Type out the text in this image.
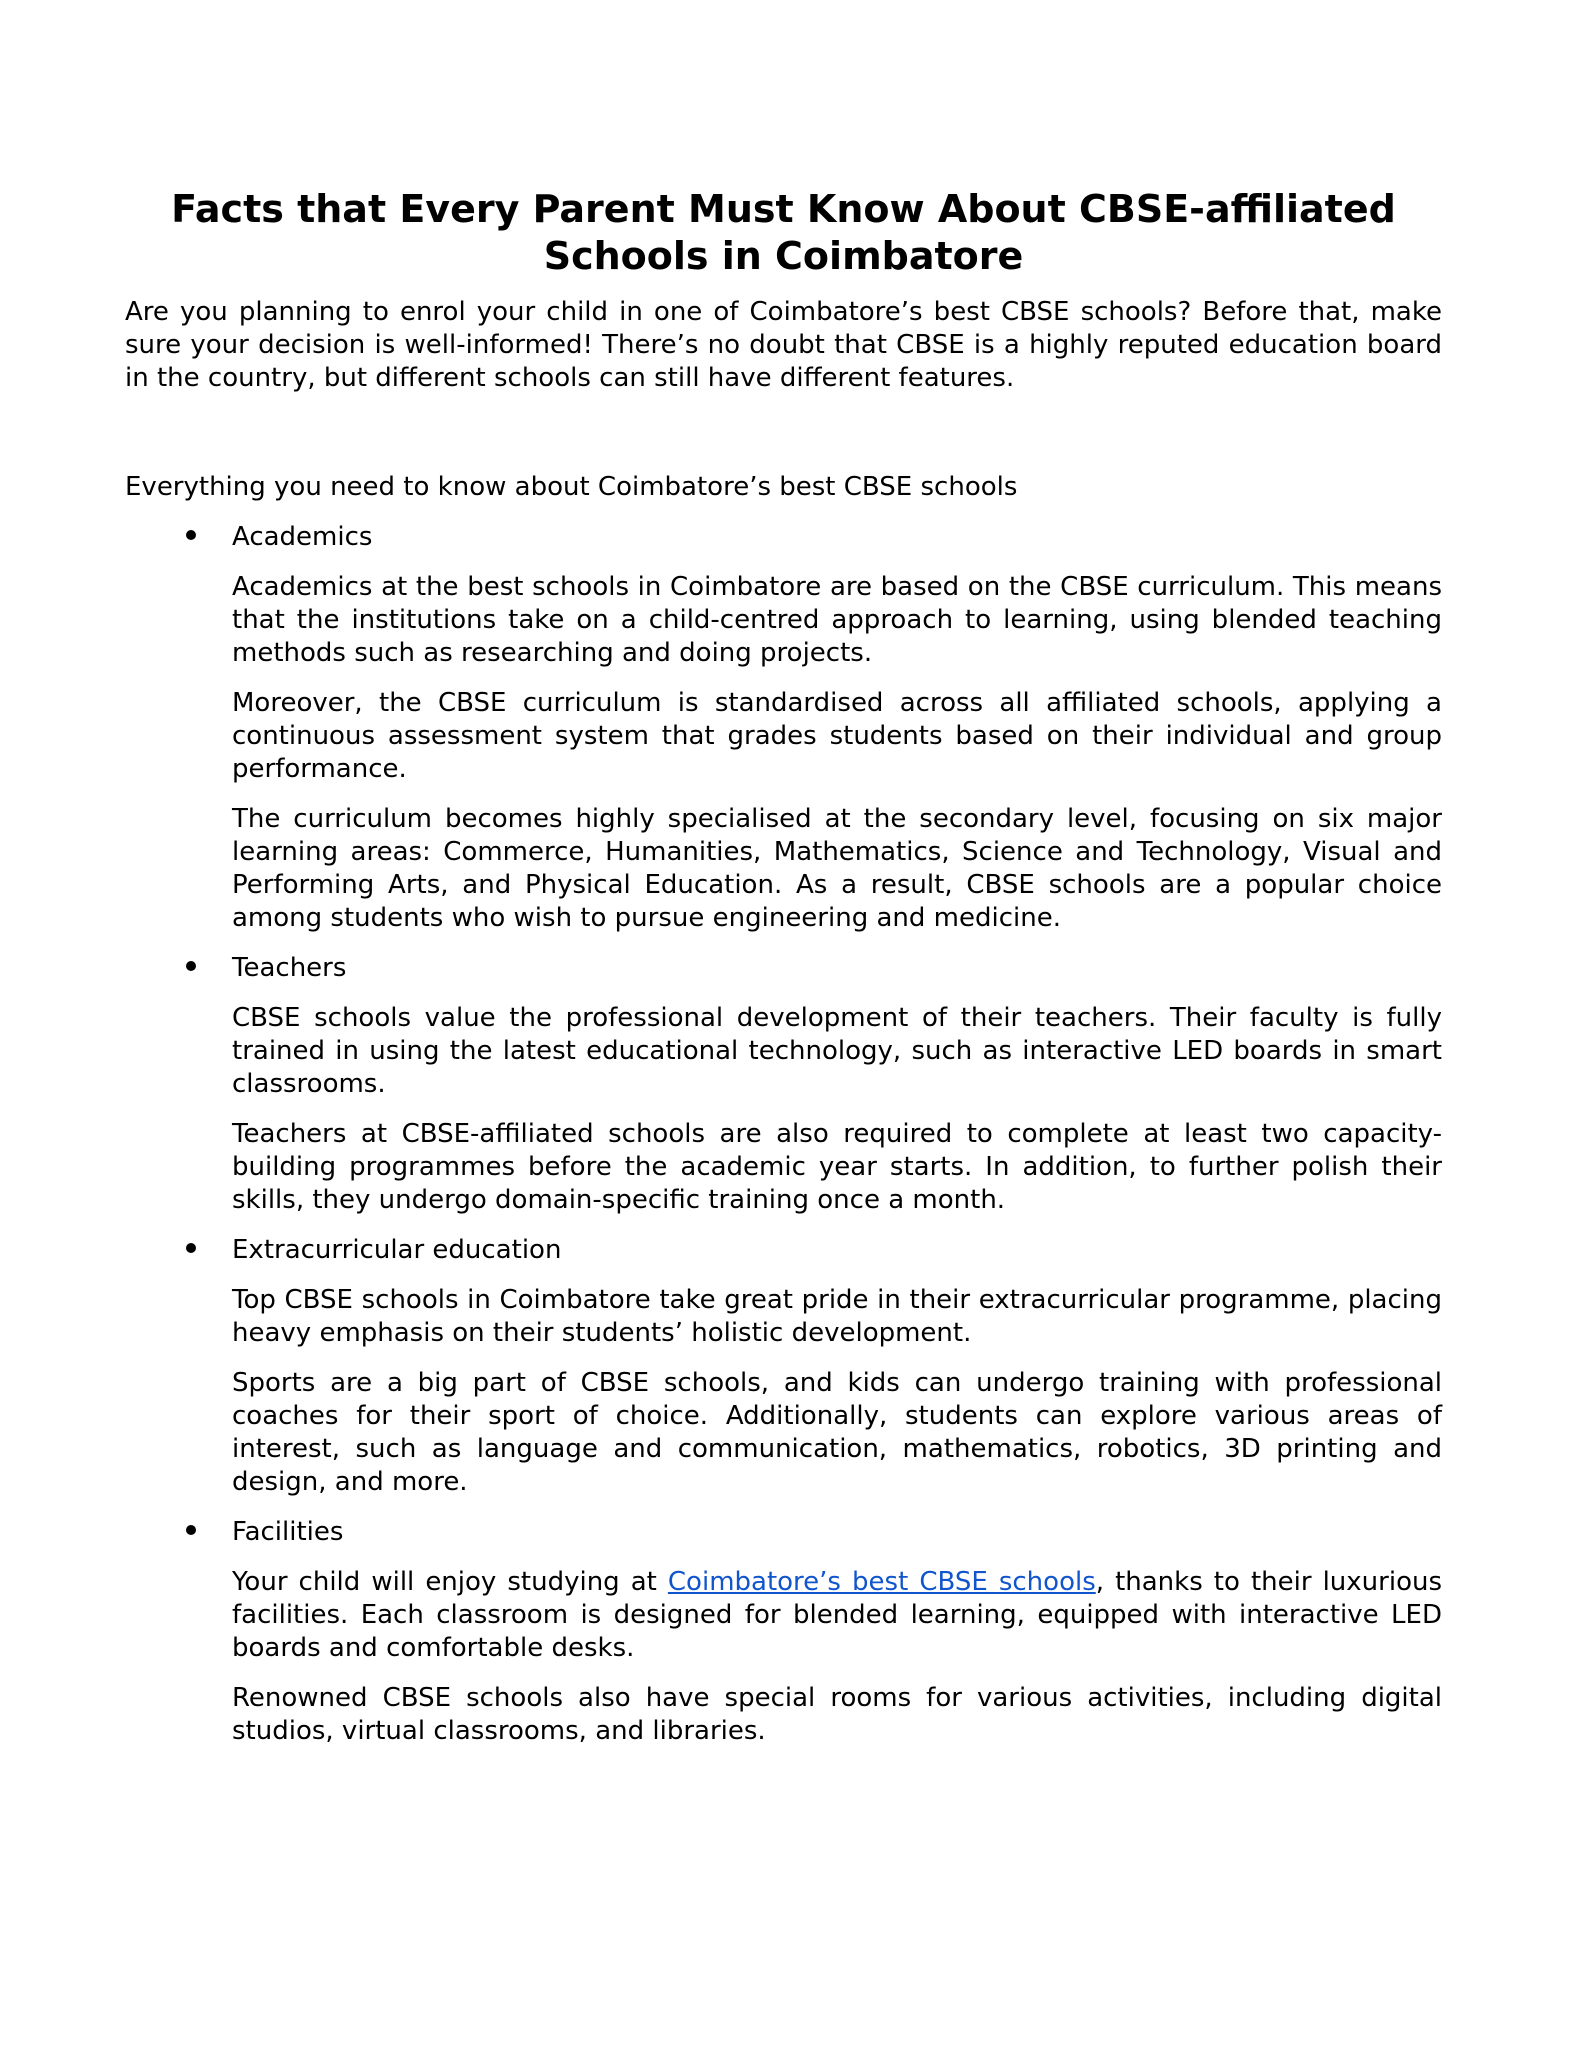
Facts that Every Parent Must Know About CBSE-affiliated Schools in Coimbatore

Are you planning to enrol your child in one of Coimbatore’s best CBSE schools? Before that, make sure your decision is well-informed! There’s no doubt that CBSE is a highly reputed education board in the country, but different schools can still have different features.

Everything you need to know about Coimbatore’s best CBSE schools

Academics

Academics at the best schools in Coimbatore are based on the CBSE curriculum. This means that the institutions take on a child-centred approach to learning, using blended teaching methods such as researching and doing projects.

Moreover, the CBSE curriculum is standardised across all affiliated schools, applying a continuous assessment system that grades students based on their individual and group performance.

The curriculum becomes highly specialised at the secondary level, focusing on six major learning areas: Commerce, Humanities, Mathematics, Science and Technology, Visual and Performing Arts, and Physical Education. As a result, CBSE schools are a popular choice among students who wish to pursue engineering and medicine.

Teachers

CBSE schools value the professional development of their teachers. Their faculty is fully trained in using the latest educational technology, such as interactive LED boards in smart classrooms.

Teachers at CBSE-affiliated schools are also required to complete at least two capacity-building programmes before the academic year starts. In addition, to further polish their skills, they undergo domain-specific training once a month.

Extracurricular education

Top CBSE schools in Coimbatore take great pride in their extracurricular programme, placing heavy emphasis on their students’ holistic development.

Sports are a big part of CBSE schools, and kids can undergo training with professional coaches for their sport of choice. Additionally, students can explore various areas of interest, such as language and communication, mathematics, robotics, 3D printing and design, and more.

Facilities

Your child will enjoy studying at Coimbatore’s best CBSE schools, thanks to their luxurious facilities. Each classroom is designed for blended learning, equipped with interactive LED boards and comfortable desks.

Renowned CBSE schools also have special rooms for various activities, including digital studios, virtual classrooms, and libraries.
